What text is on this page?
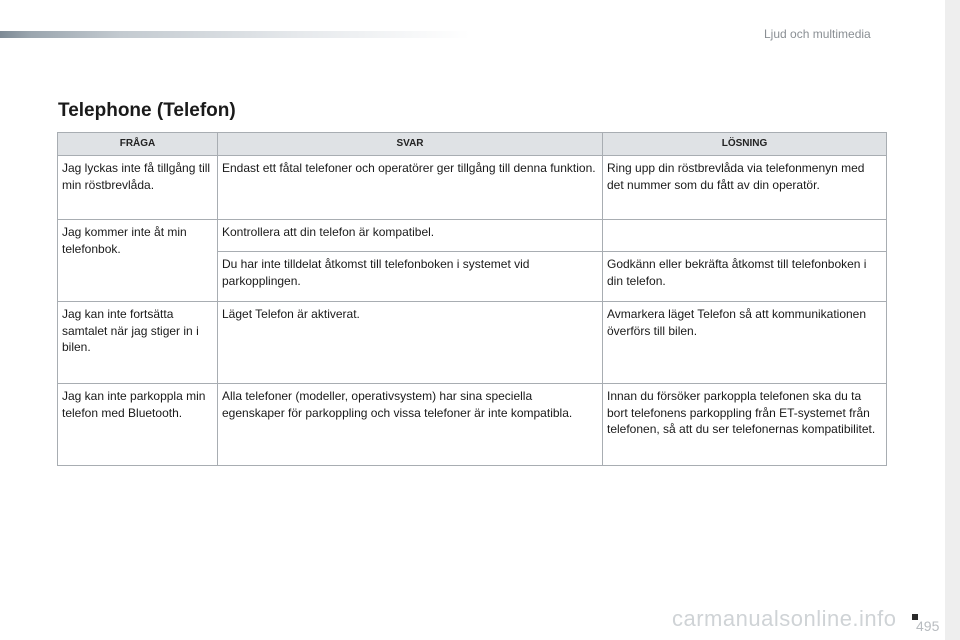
Ljud och multimedia
Telephone (Telefon)
FRÅGA	SVAR	LÖSNING
Jag lyckas inte få tillgång till min röstbrevlåda.	Endast ett fåtal telefoner och operatörer ger tillgång till denna funktion.	Ring upp din röstbrevlåda via telefonmenyn med det nummer som du fått av din operatör.
Jag kommer inte åt min telefonbok.	Kontrollera att din telefon är kompatibel.	
	Du har inte tilldelat åtkomst till telefonboken i systemet vid parkopplingen.	Godkänn eller bekräfta åtkomst till telefonboken i din telefon.
Jag kan inte fortsätta samtalet när jag stiger in i bilen.	Läget Telefon är aktiverat.	Avmarkera läget Telefon så att kommunikationen överförs till bilen.
Jag kan inte parkoppla min telefon med Bluetooth.	Alla telefoner (modeller, operativsystem) har sina speciella egenskaper för parkoppling och vissa telefoner är inte kompatibla.	Innan du försöker parkoppla telefonen ska du ta bort telefonens parkoppling från ET-systemet från telefonen, så att du ser telefonernas kompatibilitet.
carmanualsonline.info 495
